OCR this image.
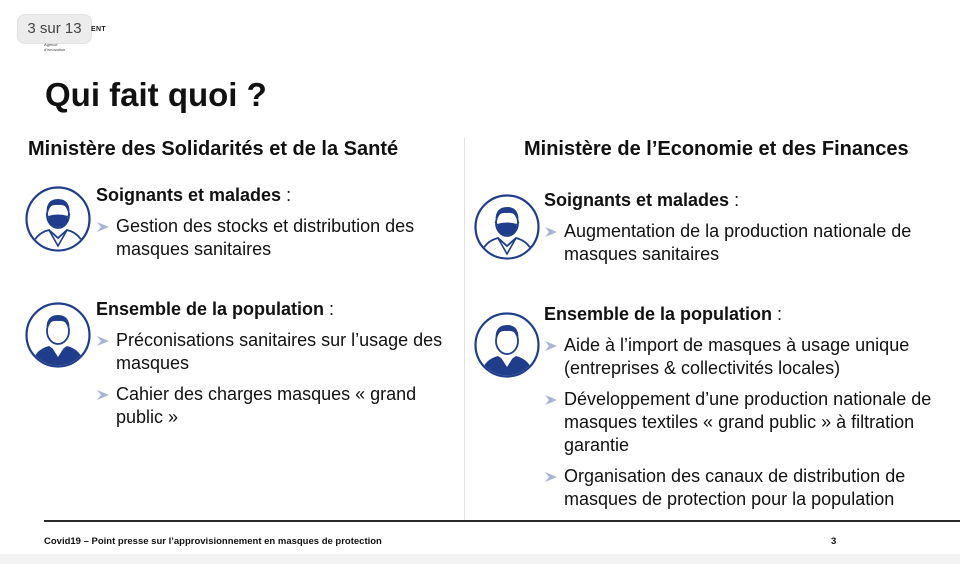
3 sur 13	ENT
Agence d'innovation
Qui fait quoi ?
Ministère des Solidarités et de la Santé
Soignants et malades :
Gestion des stocks et distribution des masques sanitaires
Ensemble de la population :
Préconisations sanitaires sur l’usage des masques
Cahier des charges masques « grand public »
Ministère de l’Economie et des Finances
Soignants et malades :
Augmentation de la production nationale de masques sanitaires
Ensemble de la population :
Aide à l’import de masques à usage unique (entreprises & collectivités locales)
Développement d’une production nationale de masques textiles « grand public » à filtration garantie
Organisation des canaux de distribution de masques de protection pour la population
Covid19 – Point presse sur l’approvisionnement en masques de protection	3
